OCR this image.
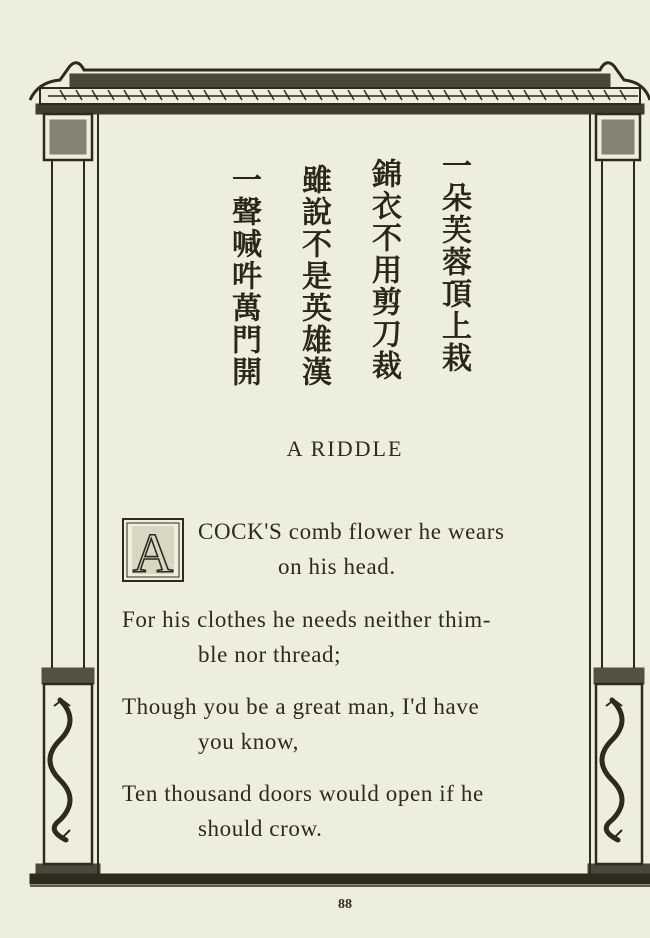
一朵芙蓉頂上栽
錦衣不用剪刀裁
雖說不是英雄漢
一聲喊吽萬門開
A RIDDLE
A COCK'S comb flower he wears
on his head.
For his clothes he needs neither thim-
ble nor thread;
Though you be a great man, I'd have
you know,
Ten thousand doors would open if he
should crow.
88
